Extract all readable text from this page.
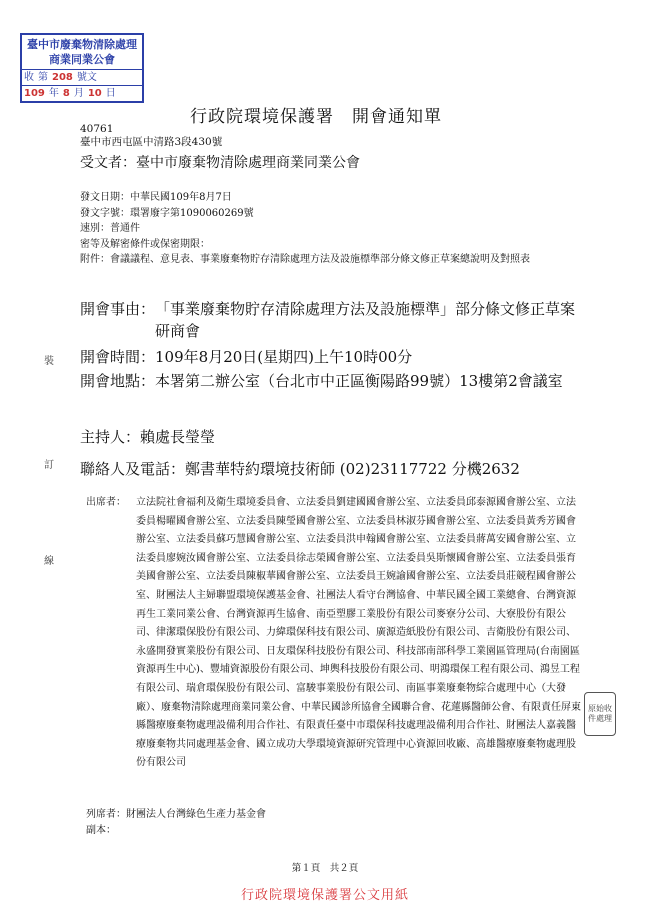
臺中市廢棄物清除處理商業同業公會
收 第 208 號文
109 年 8 月 10 日
行政院環境保護署　開會通知單
40761
臺中市西屯區中清路3段430號
受文者：臺中市廢棄物清除處理商業同業公會
發文日期：中華民國109年8月7日
發文字號：環署廢字第1090060269號
速別：普通件
密等及解密條件或保密期限：
附件： 會議議程、意見表、事業廢棄物貯存清除處理方法及設施標準部分條文修正草案總說明及對照表
開會事由： 「事業廢棄物貯存清除處理方法及設施標準」部分條文修正草案研商會
開會時間： 109年8月20日(星期四)上午10時00分
開會地點： 本署第二辦公室（台北市中正區衡陽路99號）13樓第2會議室
主持人： 賴處長瑩瑩
聯絡人及電話： 鄭書華特約環境技術師 (02)23117722 分機2632
出席者：	立法院社會福利及衛生環境委員會、立法委員劉建國國會辦公室、立法委員邱泰源國會辦公室、立法委員楊曜國會辦公室、立法委員陳瑩國會辦公室、立法委員林淑芬國會辦公室、立法委員黃秀芳國會辦公室、立法委員蘇巧慧國會辦公室、立法委員洪申翰國會辦公室、立法委員蔣萬安國會辦公室、立法委員廖婉汝國會辦公室、立法委員徐志榮國會辦公室、立法委員吳斯懷國會辦公室、立法委員張育美國會辦公室、立法委員陳椒華國會辦公室、立法委員王婉諭國會辦公室、立法委員莊競程國會辦公室、財團法人主婦聯盟環境保護基金會、社團法人看守台灣協會、中華民國全國工業總會、台灣資源再生工業同業公會、台灣資源再生協會、南亞塑膠工業股份有限公司麥寮分公司、大寮股份有限公司、律潔環保股份有限公司、力緯環保科技有限公司、廣源造紙股份有限公司、吉衛股份有限公司、永盛開發實業股份有限公司、日友環保科技股份有限公司、科技部南部科學工業園區管理局(台南園區資源再生中心)、豐埔資源股份有限公司、坤輿科技股份有限公司、明鴻環保工程有限公司、鴻昱工程有限公司、瑞倉環保股份有限公司、富駿事業股份有限公司、南區事業廢棄物綜合處理中心（大發廠）、廢棄物清除處理商業同業公會、中華民國診所協會全國聯合會、花蓮縣醫師公會、有限責任屏東縣醫療廢棄物處理設備利用合作社、有限責任臺中市環保科技處理設備利用合作社、財團法人嘉義醫療廢棄物共同處理基金會、國立成功大學環境資源研究管理中心資源回收廠、高雄醫療廢棄物處理股份有限公司
列席者：財團法人台灣綠色生產力基金會
副本：
裝
訂
線
原始收件處理
第１頁　共２頁
行政院環境保護署公文用紙
